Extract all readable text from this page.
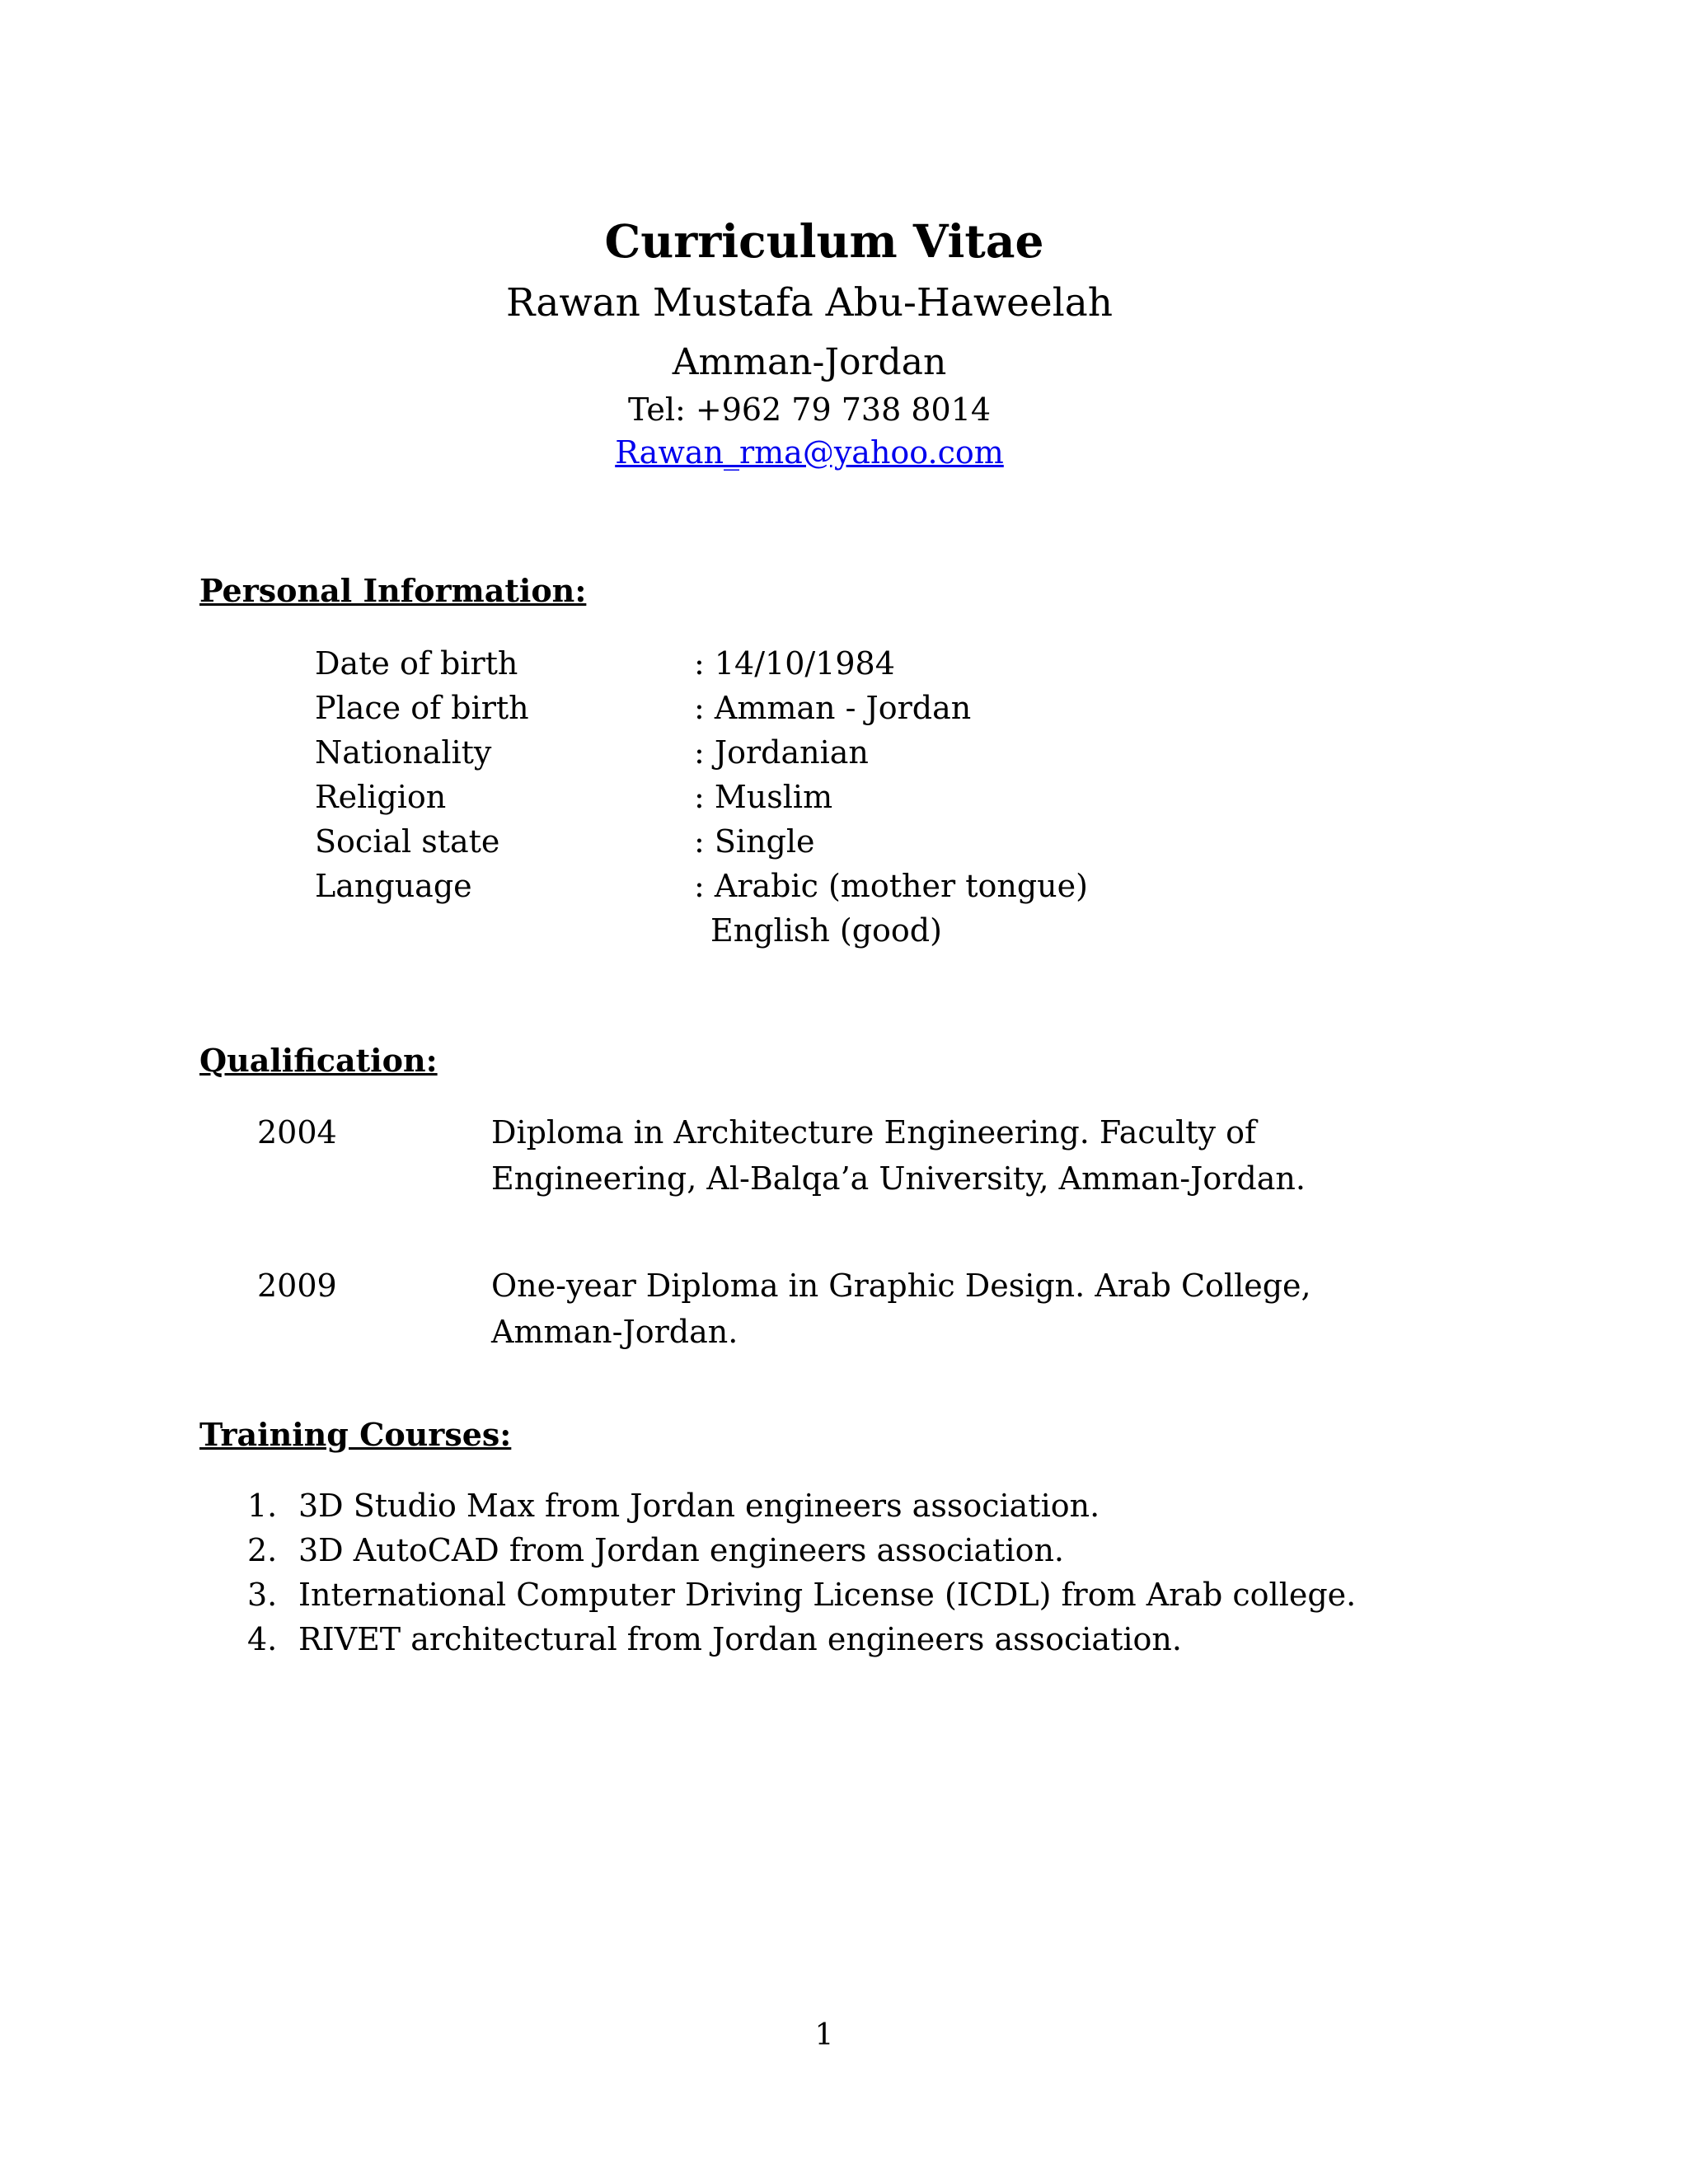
Curriculum Vitae
Rawan Mustafa Abu-Haweelah
Amman-Jordan
Tel: +962 79 738 8014
Rawan_rma@yahoo.com
Personal Information:
Date of birth	: 14/10/1984
Place of birth	: Amman - Jordan
Nationality	: Jordanian
Religion	: Muslim
Social state	: Single
Language	: Arabic (mother tongue)
English (good)
Qualification:
2004	Diploma in Architecture Engineering. Faculty of Engineering, Al-Balqa’a University, Amman-Jordan.
2009	One-year Diploma in Graphic Design. Arab College, Amman-Jordan.
Training Courses:
1. 3D Studio Max from Jordan engineers association.
2. 3D AutoCAD from Jordan engineers association.
3. International Computer Driving License (ICDL) from Arab college.
4. RIVET architectural from Jordan engineers association.
1
